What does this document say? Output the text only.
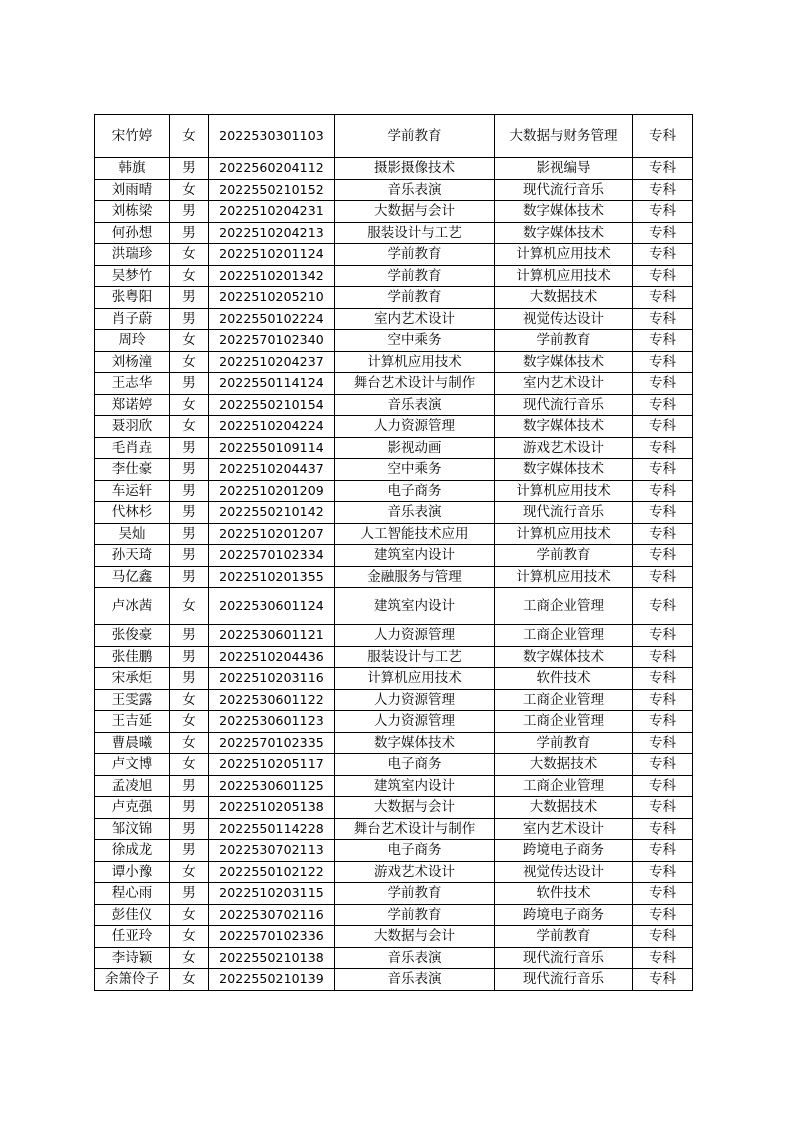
宋竹婷	女	2022530301103	学前教育	大数据与财务管理	专科
韩旗	男	2022560204112	摄影摄像技术	影视编导	专科
刘雨晴	女	2022550210152	音乐表演	现代流行音乐	专科
刘栋梁	男	2022510204231	大数据与会计	数字媒体技术	专科
何孙想	男	2022510204213	服装设计与工艺	数字媒体技术	专科
洪瑞珍	女	2022510201124	学前教育	计算机应用技术	专科
吴梦竹	女	2022510201342	学前教育	计算机应用技术	专科
张粤阳	男	2022510205210	学前教育	大数据技术	专科
肖子蔚	男	2022550102224	室内艺术设计	视觉传达设计	专科
周玲	女	2022570102340	空中乘务	学前教育	专科
刘杨潼	女	2022510204237	计算机应用技术	数字媒体技术	专科
王志华	男	2022550114124	舞台艺术设计与制作	室内艺术设计	专科
郑诺婷	女	2022550210154	音乐表演	现代流行音乐	专科
聂羽欣	女	2022510204224	人力资源管理	数字媒体技术	专科
毛肖垚	男	2022550109114	影视动画	游戏艺术设计	专科
李仕豪	男	2022510204437	空中乘务	数字媒体技术	专科
车运轩	男	2022510201209	电子商务	计算机应用技术	专科
代林杉	男	2022550210142	音乐表演	现代流行音乐	专科
吴灿	男	2022510201207	人工智能技术应用	计算机应用技术	专科
孙天琦	男	2022570102334	建筑室内设计	学前教育	专科
马亿鑫	男	2022510201355	金融服务与管理	计算机应用技术	专科
卢冰茜	女	2022530601124	建筑室内设计	工商企业管理	专科
张俊豪	男	2022530601121	人力资源管理	工商企业管理	专科
张佳鹏	男	2022510204436	服装设计与工艺	数字媒体技术	专科
宋承炬	男	2022510203116	计算机应用技术	软件技术	专科
王雯露	女	2022530601122	人力资源管理	工商企业管理	专科
王吉延	女	2022530601123	人力资源管理	工商企业管理	专科
曹晨曦	女	2022570102335	数字媒体技术	学前教育	专科
卢文博	女	2022510205117	电子商务	大数据技术	专科
孟凌旭	男	2022530601125	建筑室内设计	工商企业管理	专科
卢克强	男	2022510205138	大数据与会计	大数据技术	专科
邹汶锦	男	2022550114228	舞台艺术设计与制作	室内艺术设计	专科
徐成龙	男	2022530702113	电子商务	跨境电子商务	专科
谭小豫	女	2022550102122	游戏艺术设计	视觉传达设计	专科
程心雨	男	2022510203115	学前教育	软件技术	专科
彭佳仪	女	2022530702116	学前教育	跨境电子商务	专科
任亚玲	女	2022570102336	大数据与会计	学前教育	专科
李诗颖	女	2022550210138	音乐表演	现代流行音乐	专科
余箫伶子	女	2022550210139	音乐表演	现代流行音乐	专科
